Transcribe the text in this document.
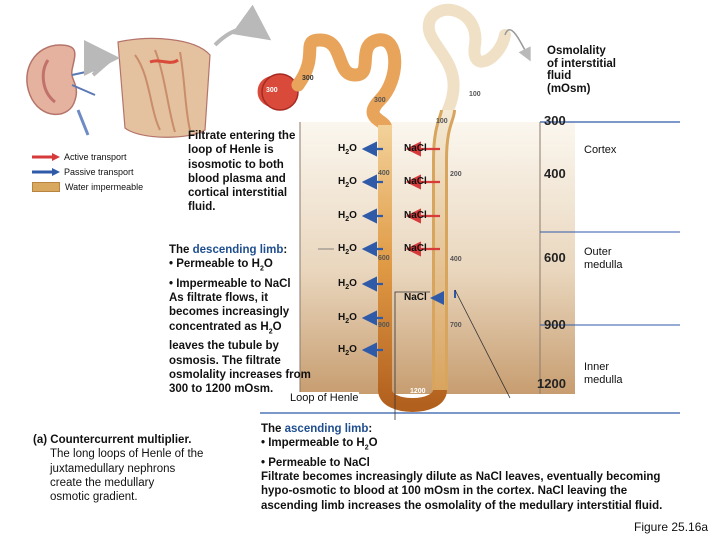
Osmolality
of interstitial
fluid
(mOsm)
Active transport
Passive transport
Water impermeable
Filtrate entering the
loop of Henle is
isosmotic to both
blood plasma and
cortical interstitial
fluid.
300
300
300
100
100
400	200
600	400
900	700
1200
300
400
600
900
1200
Cortex
Outer
medulla
Inner
medulla
$H_2O$
$H_2O$
$H_2O$
$H_2O$
$H_2O$
$H_2O$
$H_2O$
NaCl
NaCl
NaCl
NaCl
NaCl
The descending limb:
• Permeable to $H_2O$
• Impermeable to NaCl
As filtrate flows, it
becomes increasingly
concentrated as $H_2O$
leaves the tubule by
osmosis. The filtrate
osmolality increases from
300 to 1200 mOsm.
Loop of Henle
The ascending limb:
• Impermeable to $H_2O$
• Permeable to NaCl
Filtrate becomes increasingly dilute as NaCl leaves, eventually becoming
hypo-osmotic to blood at 100 mOsm in the cortex. NaCl leaving the
ascending limb increases the osmolality of the medullary interstitial fluid.
(a) Countercurrent multiplier.
The long loops of Henle of the
juxtamedullary nephrons
create the medullary
osmotic gradient.
Figure 25.16a
